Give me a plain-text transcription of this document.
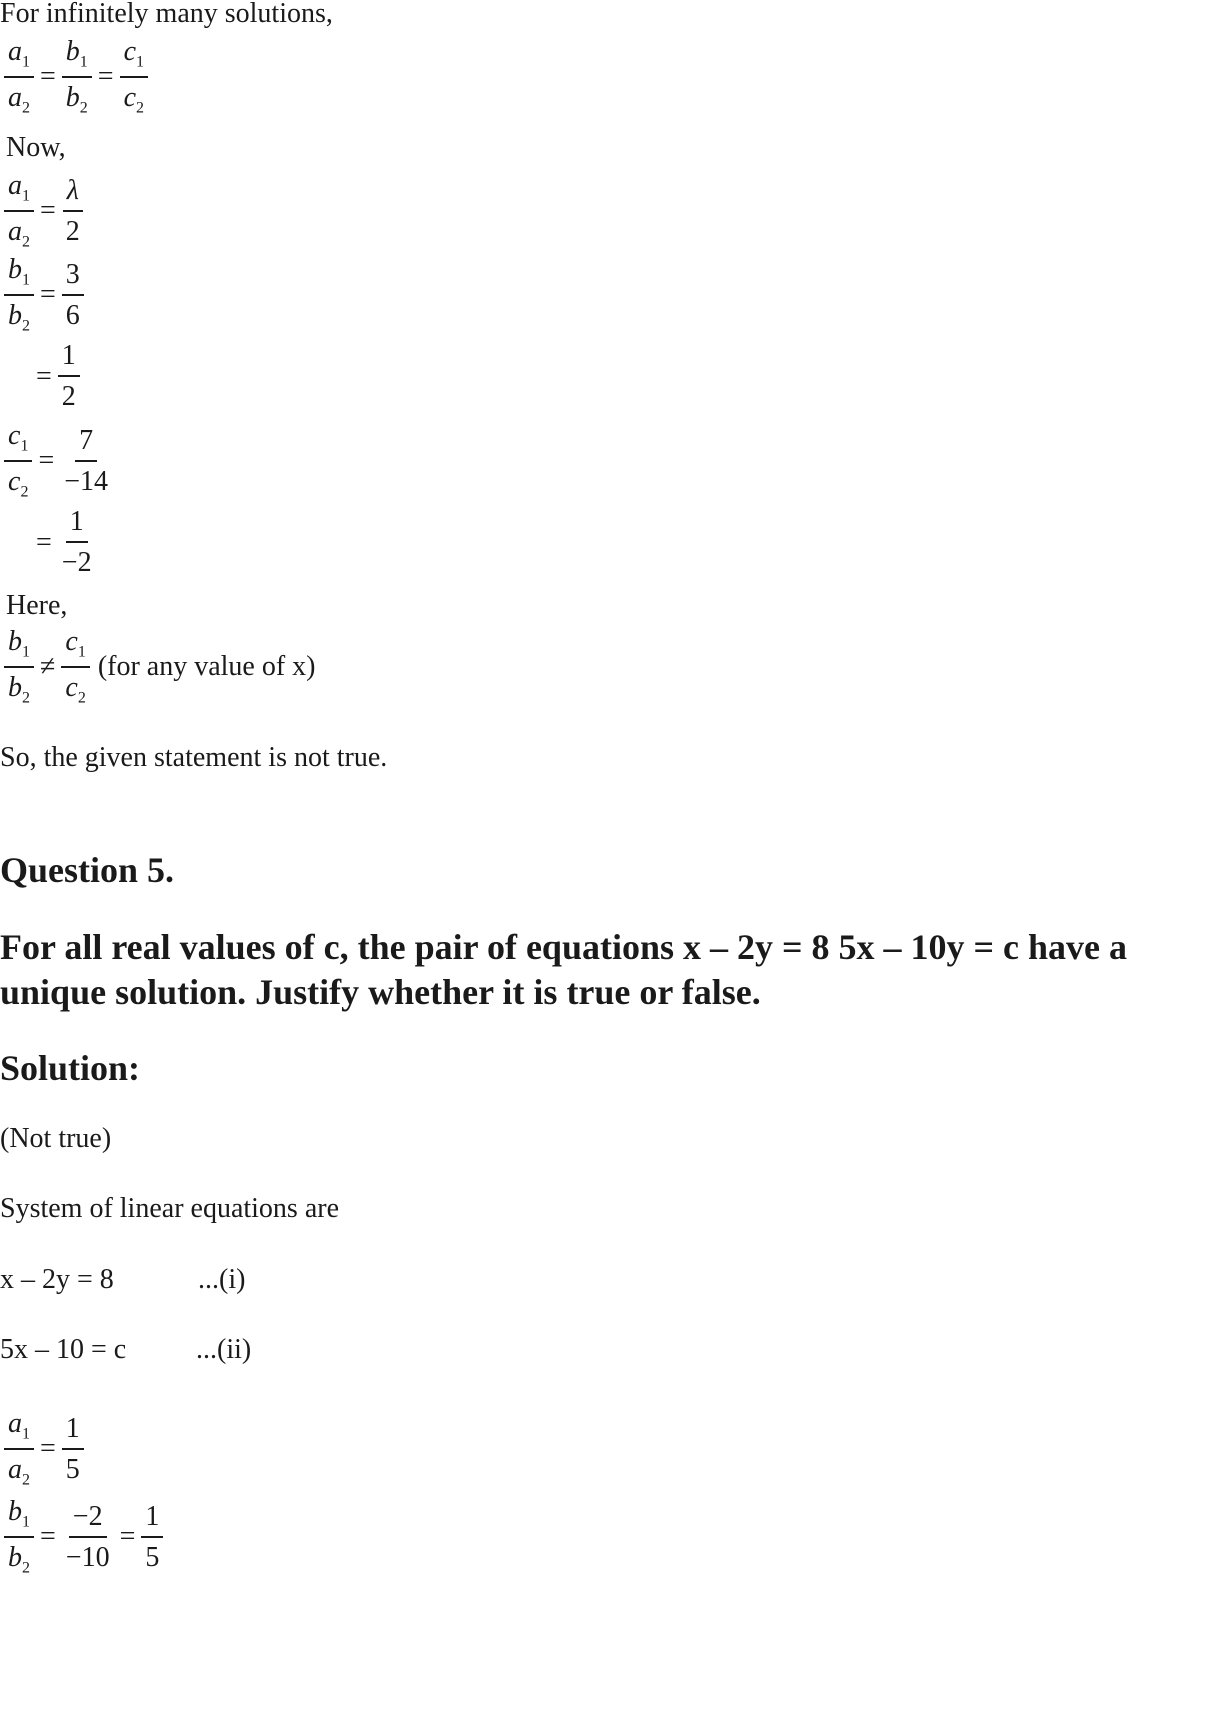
For infinitely many solutions,
$\frac{a_1}{a_2} = \frac{b_1}{b_2} = \frac{c_1}{c_2}$
Now,
$\frac{a_1}{a_2} = \frac{\lambda}{2}$
$\frac{b_1}{b_2} = \frac{3}{6}$
= $\frac{1}{2}$
$\frac{c_1}{c_2} = \frac{7}{-14}$
= $\frac{1}{-2}$
Here,
$\frac{b_1}{b_2} \ne \frac{c_1}{c_2} (for$ any value of x)
So, the given statement is not true.
Question 5.
For all real values of c, the pair of equations x – 2y = 8 5x – 10y = c have a
unique solution. Justify whether it is true or false.
Solution:
(Not true)
System of linear equations are
x – 2y = 8	...(i)
5x – 10 = c ...(ii)
$\frac{a_1}{a_2} = \frac{1}{5}$
$\frac{b_1}{b_2} = \frac{-2}{-10} = \frac{1}{5}$
